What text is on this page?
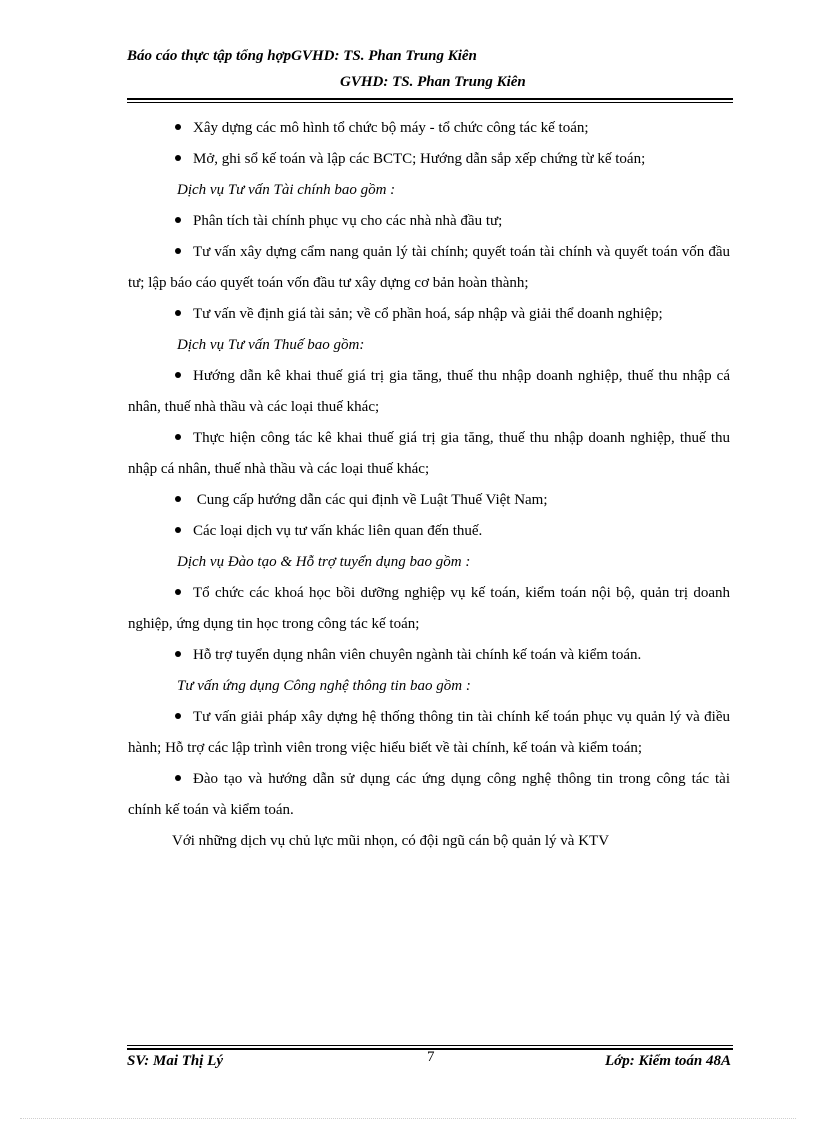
Báo cáo thực tập tổng hợpGVHD: TS. Phan Trung Kiên
GVHD: TS. Phan Trung Kiên

Xây dựng các mô hình tổ chức bộ máy - tổ chức công tác kế toán;

Mở, ghi sổ kế toán và lập các BCTC; Hướng dẫn sắp xếp chứng từ kế toán;

Dịch vụ Tư vấn Tài chính bao gồm :

Phân tích tài chính phục vụ cho các nhà nhà đầu tư;

Tư vấn xây dựng cẩm nang quản lý tài chính; quyết toán tài chính và quyết toán vốn đầu tư; lập báo cáo quyết toán vốn đầu tư xây dựng cơ bản hoàn thành;

Tư vấn về định giá tài sản; về cổ phần hoá, sáp nhập và giải thể doanh nghiệp;

Dịch vụ Tư vấn Thuế bao gồm:

Hướng dẫn kê khai thuế giá trị gia tăng, thuế thu nhập doanh nghiệp, thuế thu nhập cá nhân, thuế nhà thầu và các loại thuế khác;

Thực hiện công tác kê khai thuế giá trị gia tăng, thuế thu nhập doanh nghiệp, thuế thu nhập cá nhân, thuế nhà thầu và các loại thuế khác;

Cung cấp hướng dẫn các qui định về Luật Thuế Việt Nam;

Các loại dịch vụ tư vấn khác liên quan đến thuế.

Dịch vụ Đào tạo & Hỗ trợ tuyển dụng bao gồm :

Tổ chức các khoá học bồi dưỡng nghiệp vụ kế toán, kiểm toán nội bộ, quản trị doanh nghiệp, ứng dụng tin học trong công tác kế toán;

Hỗ trợ tuyển dụng nhân viên chuyên ngành tài chính kế toán và kiểm toán.

Tư vấn ứng dụng Công nghệ thông tin bao gồm :

Tư vấn giải pháp xây dựng hệ thống thông tin tài chính kế toán phục vụ quản lý và điều hành; Hỗ trợ các lập trình viên trong việc hiểu biết về tài chính, kế toán và kiểm toán;

Đào tạo và hướng dẫn sử dụng các ứng dụng công nghệ thông tin trong công tác tài chính kế toán và kiểm toán.

Với những dịch vụ chủ lực mũi nhọn, có đội ngũ cán bộ quản lý và KTV

SV: Mai Thị Lý	7	Lớp: Kiểm toán 48A
